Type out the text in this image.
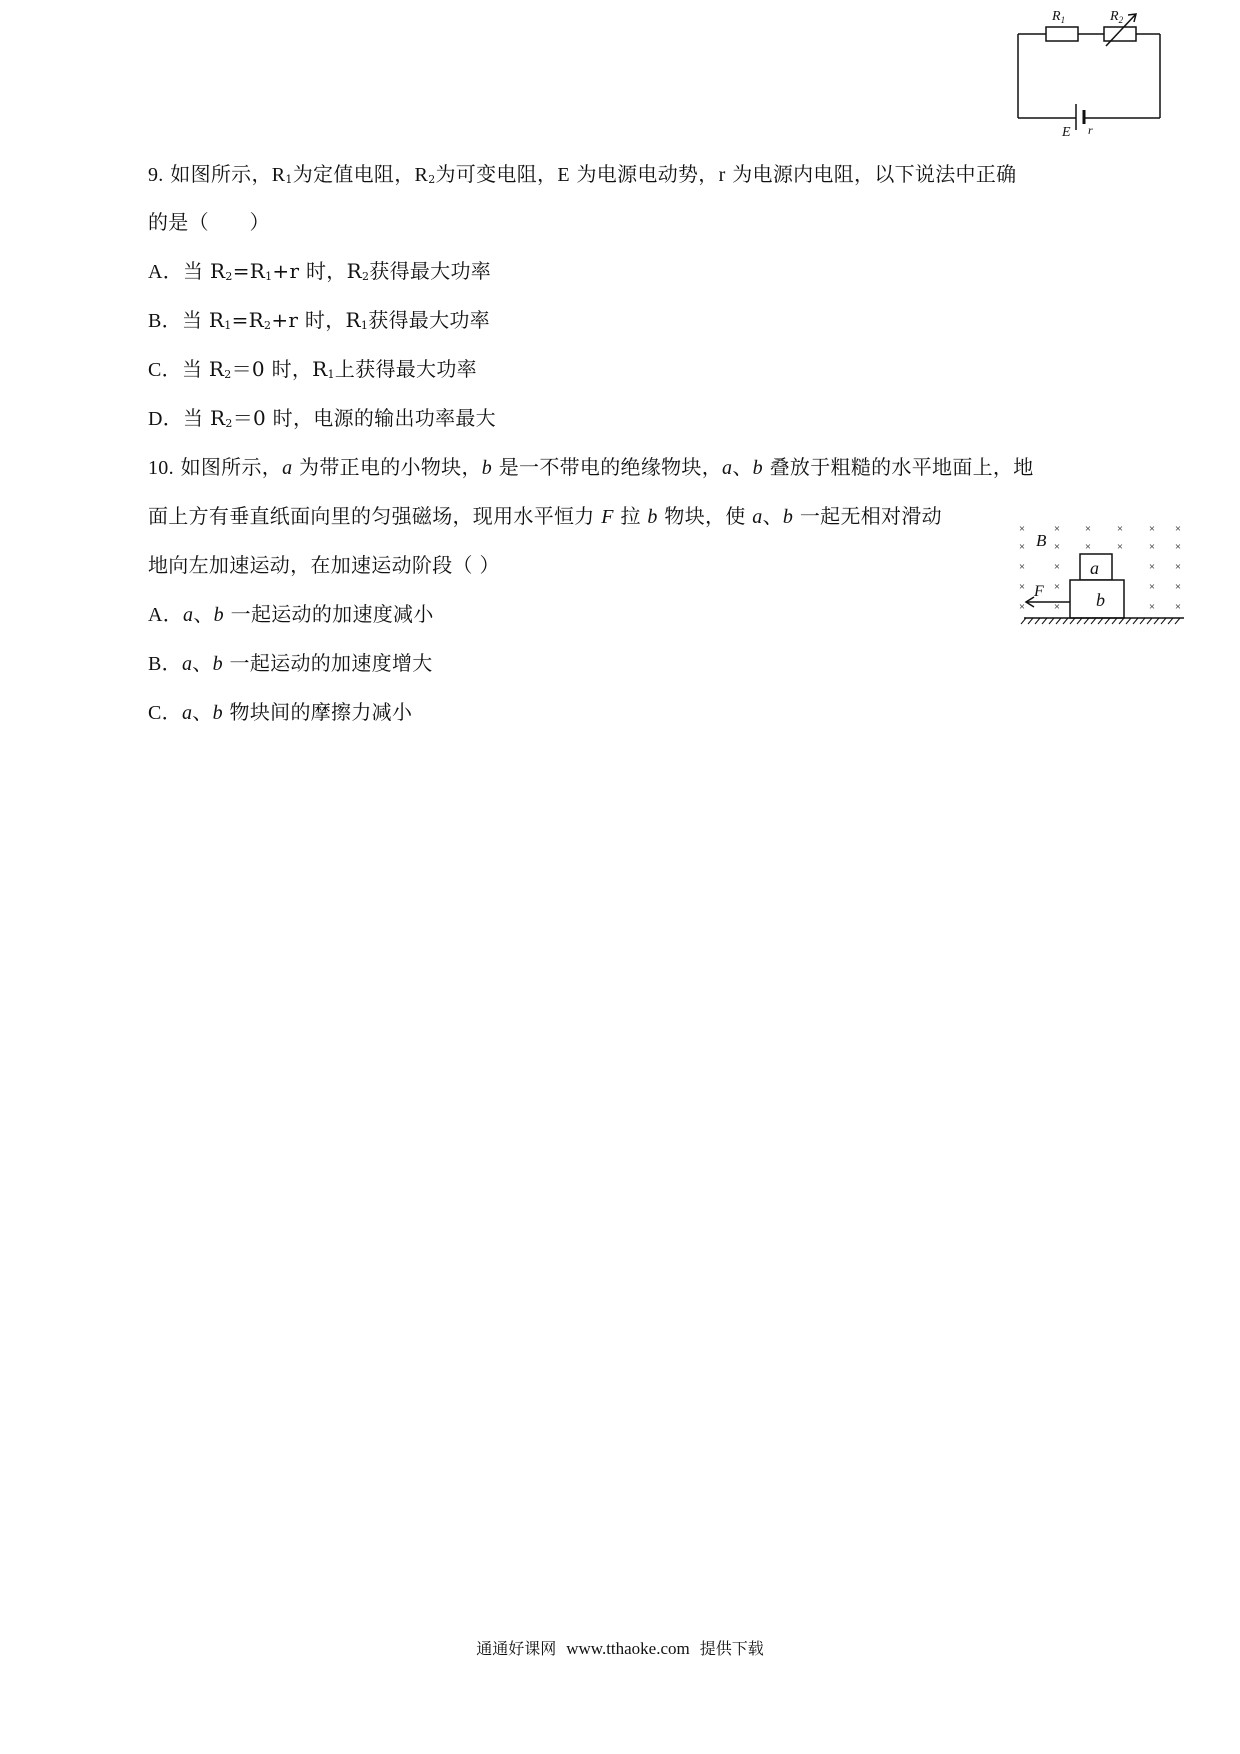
$R_1$	$R_2$
E r
9. 如图所示，$R_1$为定值电阻，$R_2$为可变电阻，E 为电源电动势，r 为电源内电阻，以下说法中正确
的是（　　）
A．当 $R_2=R_1+r$ 时，$R_2$获得最大功率
B．当 $R_1=R_2+r$ 时，$R_1$获得最大功率
C．当 $R_2=0$ 时，$R_1$上获得最大功率
D．当 $R_2=0$ 时，电源的输出功率最大
10. 如图所示，a 为带正电的小物块，b 是一不带电的绝缘物块，a、b 叠放于粗糙的水平地面上，地
面上方有垂直纸面向里的匀强磁场，现用水平恒力 F 拉 b 物块，使 a、b 一起无相对滑动
地向左加速运动，在加速运动阶段（ ）
A．a、b 一起运动的加速度减小
B．a、b 一起运动的加速度增大
C．a、b 物块间的摩擦力减小
×
×
×
×
×
×
×
×
×
×
×
×
×
×
×
×
×
×
×
×
×
×
×
×
B
a
b
F
通通好课网 www.tthaoke.com 提供下载
